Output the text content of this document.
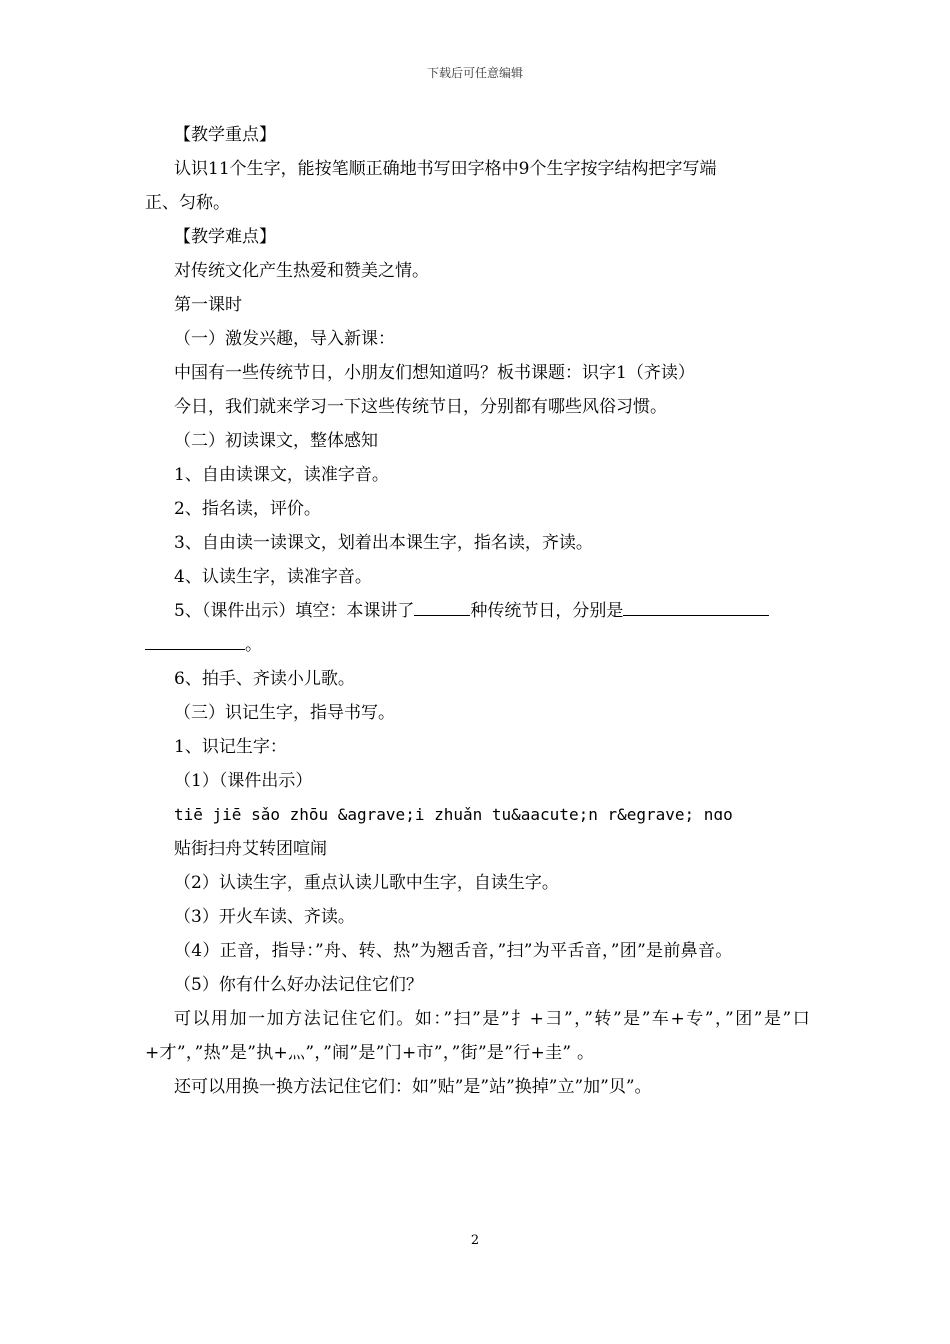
下载后可任意编辑

【教学重点】

认识11个生字，能按笔顺正确地书写田字格中9个生字按字结构把字写端

正、匀称。

【教学难点】

对传统文化产生热爱和赞美之情。

第一课时

（一）激发兴趣，导入新课：

中国有一些传统节日，小朋友们想知道吗？板书课题：识字1（齐读）

今日，我们就来学习一下这些传统节日，分别都有哪些风俗习惯。

（二）初读课文，整体感知

1、自由读课文，读准字音。

2、指名读，评价。

3、自由读一读课文，划着出本课生字，指名读，齐读。

4、认读生字，读准字音。

5、（课件出示）填空：本课讲了	种传统节日，分别是

。

6、拍手、齐读小儿歌。

（三）识记生字，指导书写。

1、识记生字：

（1）（课件出示）

tiē jiē sǎo zhōu &agrave;i zhuǎn tu&aacute;n r&egrave; nɑo

贴街扫舟艾转团喧闹

（2）认读生字，重点认读儿歌中生字，自读生字。

（3）开火车读、齐读。

（4）正音，指导：”舟、转、热”为翘舌音，”扫”为平舌音，”团”是前鼻音。

（5）你有什么好办法记住它们？

可以用加一加方法记住它们。如：”扫”是”扌+彐”，”转”是”车+专”，”团”是”口+才”，”热”是”执+灬”，”闹”是”门+市”，”街”是”行+圭” 。

还可以用换一换方法记住它们：如”贴”是”站”换掉”立”加”贝”。

2
